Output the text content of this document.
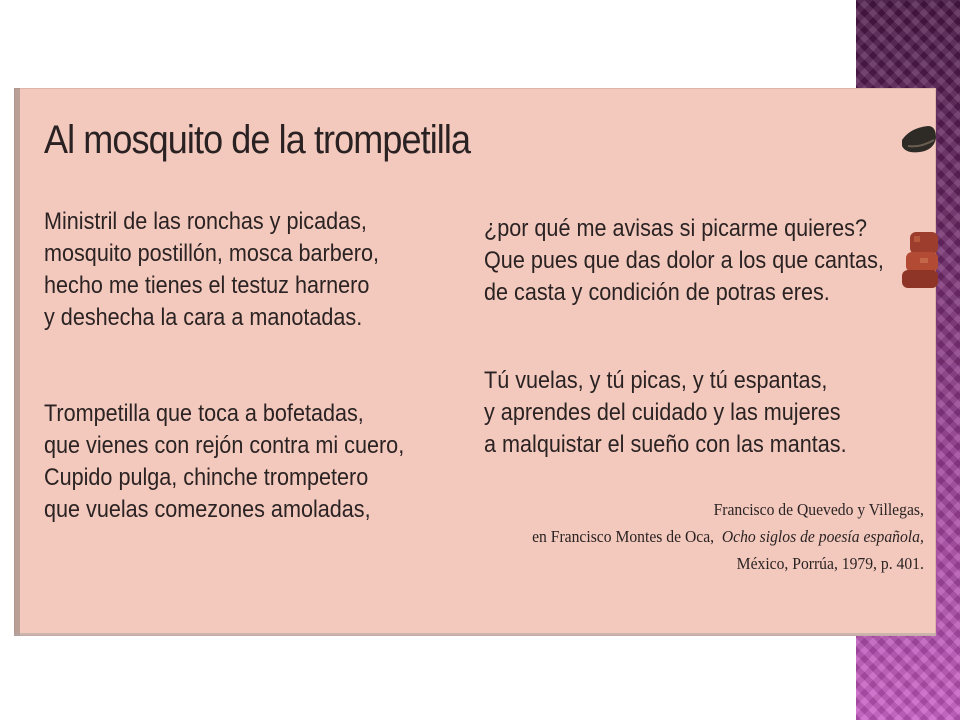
Al mosquito de la trompetilla

Ministril de las ronchas y picadas,
mosquito postillón, mosca barbero,
hecho me tienes el testuz harnero
y deshecha la cara a manotadas.

Trompetilla que toca a bofetadas,
que vienes con rejón contra mi cuero,
Cupido pulga, chinche trompetero
que vuelas comezones amoladas,

¿por qué me avisas si picarme quieres?
Que pues que das dolor a los que cantas,
de casta y condición de potras eres.

Tú vuelas, y tú picas, y tú espantas,
y aprendes del cuidado y las mujeres
a malquistar el sueño con las mantas.

Francisco de Quevedo y Villegas,
en Francisco Montes de Oca, Ocho siglos de poesía española,
México, Porrúa, 1979, p. 401.
